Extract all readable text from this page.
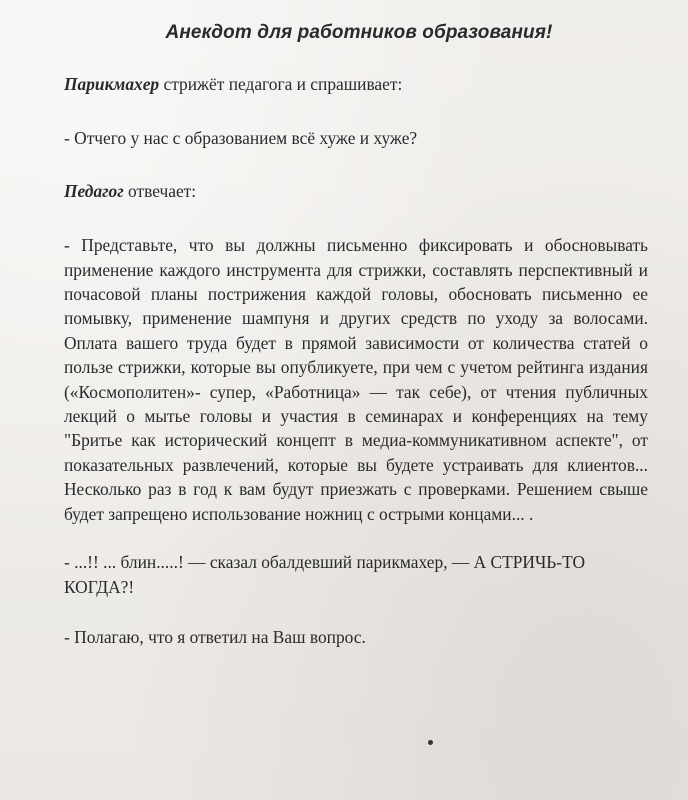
Анекдот для работников образования!

Парикмахер стрижёт педагога и спрашивает:

- Отчего у нас с образованием всё хуже и хуже?

Педагог отвечает:

- Представьте, что вы должны письменно фиксировать и обосновывать применение каждого инструмента для стрижки, составлять перспективный и почасовой планы пострижения каждой головы, обосновать письменно ее помывку, применение шампуня и других средств по уходу за волосами. Оплата вашего труда будет в прямой зависимости от количества статей о пользе стрижки, которые вы опубликуете, при чем с учетом рейтинга издания («Космополитен»- супер, «Работница» — так себе), от чтения публичных лекций о мытье головы и участия в семинарах и конференциях на тему "Бритье как исторический концепт в медиа-коммуникативном аспекте", от показательных развлечений, которые вы будете устраивать для клиентов... Несколько раз в год к вам будут приезжать с проверками. Решением свыше будет запрещено использование ножниц с острыми концами... .

- ...!! ... блин.....! — сказал обалдевший парикмахер, — А СТРИЧЬ-ТО КОГДА?!

- Полагаю, что я ответил на Ваш вопрос.
